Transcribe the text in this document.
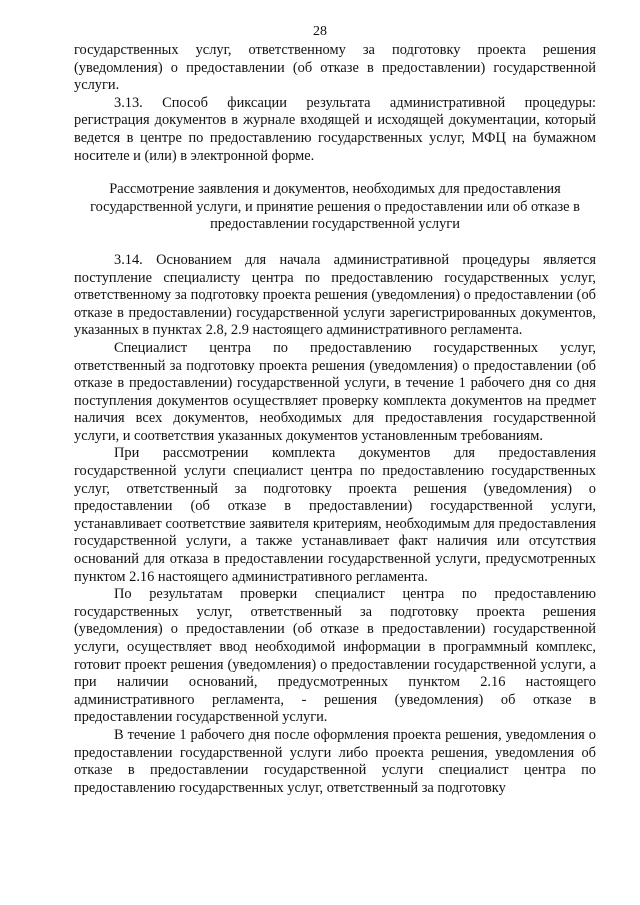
28

государственных услуг, ответственному за подготовку проекта решения (уведомления) о предоставлении (об отказе в предоставлении) государственной услуги.

3.13. Способ фиксации результата административной процедуры: регистрация документов в журнале входящей и исходящей документации, который ведется в центре по предоставлению государственных услуг, МФЦ на бумажном носителе и (или) в электронной форме.

Рассмотрение заявления и документов, необходимых для предоставления государственной услуги, и принятие решения о предоставлении или об отказе в предоставлении государственной услуги

3.14. Основанием для начала административной процедуры является поступление специалисту центра по предоставлению государственных услуг, ответственному за подготовку проекта решения (уведомления) о предоставлении (об отказе в предоставлении) государственной услуги зарегистрированных документов, указанных в пунктах 2.8, 2.9 настоящего административного регламента.

Специалист центра по предоставлению государственных услуг, ответственный за подготовку проекта решения (уведомления) о предоставлении (об отказе в предоставлении) государственной услуги, в течение 1 рабочего дня со дня поступления документов осуществляет проверку комплекта документов на предмет наличия всех документов, необходимых для предоставления государственной услуги, и соответствия указанных документов установленным требованиям.

При рассмотрении комплекта документов для предоставления государственной услуги специалист центра по предоставлению государственных услуг, ответственный за подготовку проекта решения (уведомления) о предоставлении (об отказе в предоставлении) государственной услуги, устанавливает соответствие заявителя критериям, необходимым для предоставления государственной услуги, а также устанавливает факт наличия или отсутствия оснований для отказа в предоставлении государственной услуги, предусмотренных пунктом 2.16 настоящего административного регламента.

По результатам проверки специалист центра по предоставлению государственных услуг, ответственный за подготовку проекта решения (уведомления) о предоставлении (об отказе в предоставлении) государственной услуги, осуществляет ввод необходимой информации в программный комплекс, готовит проект решения (уведомления) о предоставлении государственной услуги, а при наличии оснований, предусмотренных пунктом 2.16 настоящего административного регламента, - решения (уведомления) об отказе в предоставлении государственной услуги.

В течение 1 рабочего дня после оформления проекта решения, уведомления о предоставлении государственной услуги либо проекта решения, уведомления об отказе в предоставлении государственной услуги специалист центра по предоставлению государственных услуг, ответственный за подготовку
